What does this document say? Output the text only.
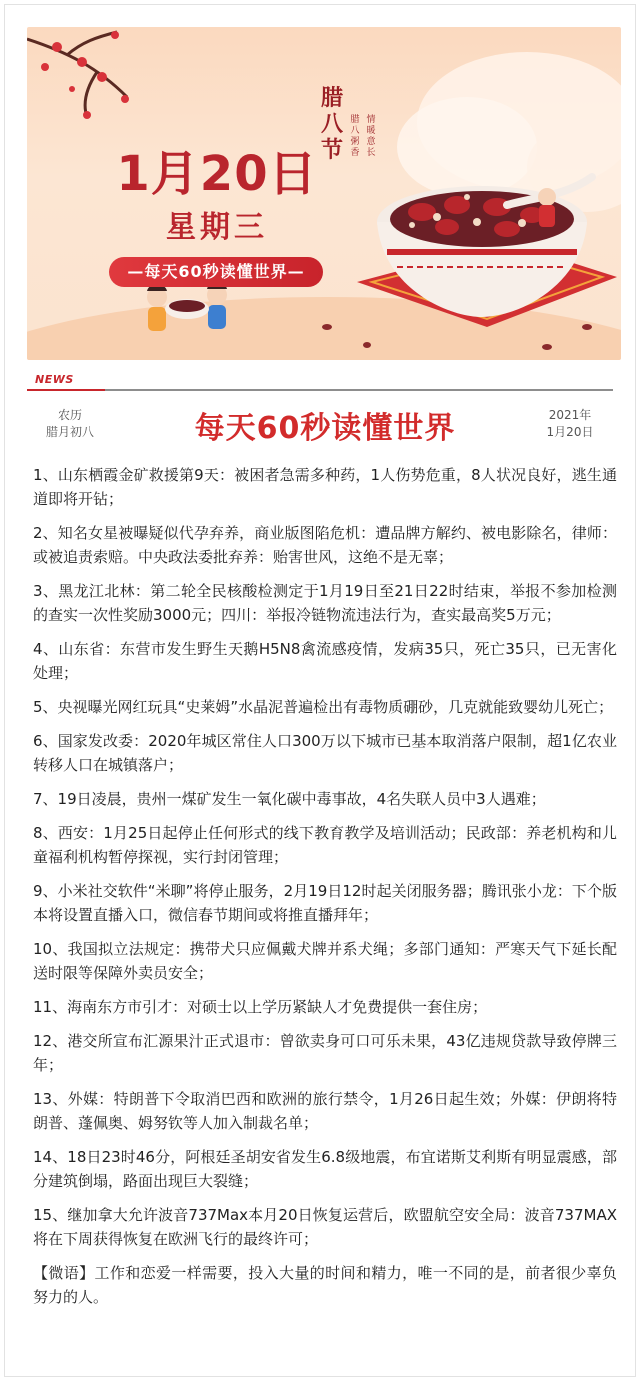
腊八节
腊八粥香
情暖意长
1月20日
星期三
—每天60秒读懂世界—
NEWS
农历
腊月初八	每天60秒读懂世界	2021年
1月20日

1、山东栖霞金矿救援第9天：被困者急需多种药，1人伤势危重，8人状况良好，逃生通道即将开钻；

2、知名女星被曝疑似代孕弃养，商业版图陷危机：遭品牌方解约、被电影除名，律师：或被追责索赔。中央政法委批弃养：贻害世风，这绝不是无辜；

3、黑龙江北林：第二轮全民核酸检测定于1月19日至21日22时结束，举报不参加检测的查实一次性奖励3000元；四川：举报冷链物流违法行为，查实最高奖5万元；

4、山东省：东营市发生野生天鹅H5N8禽流感疫情，发病35只，死亡35只，已无害化处理；

5、央视曝光网红玩具“史莱姆”水晶泥普遍检出有毒物质硼砂，几克就能致婴幼儿死亡；

6、国家发改委：2020年城区常住人口300万以下城市已基本取消落户限制，超1亿农业转移人口在城镇落户；

7、19日凌晨，贵州一煤矿发生一氧化碳中毒事故，4名失联人员中3人遇难；

8、西安：1月25日起停止任何形式的线下教育教学及培训活动；民政部：养老机构和儿童福利机构暂停探视，实行封闭管理；

9、小米社交软件“米聊”将停止服务，2月19日12时起关闭服务器；腾讯张小龙：下个版本将设置直播入口，微信春节期间或将推直播拜年；

10、我国拟立法规定：携带犬只应佩戴犬牌并系犬绳；多部门通知：严寒天气下延长配送时限等保障外卖员安全；

11、海南东方市引才：对硕士以上学历紧缺人才免费提供一套住房；

12、港交所宣布汇源果汁正式退市：曾欲卖身可口可乐未果，43亿违规贷款导致停牌三年；

13、外媒：特朗普下令取消巴西和欧洲的旅行禁令，1月26日起生效；外媒：伊朗将特朗普、蓬佩奥、姆努钦等人加入制裁名单；

14、18日23时46分，阿根廷圣胡安省发生6.8级地震，布宜诺斯艾利斯有明显震感，部分建筑倒塌，路面出现巨大裂缝；

15、继加拿大允许波音737Max本月20日恢复运营后，欧盟航空安全局：波音737MAX将在下周获得恢复在欧洲飞行的最终许可；

【微语】工作和恋爱一样需要，投入大量的时间和精力，唯一不同的是，前者很少辜负努力的人。
